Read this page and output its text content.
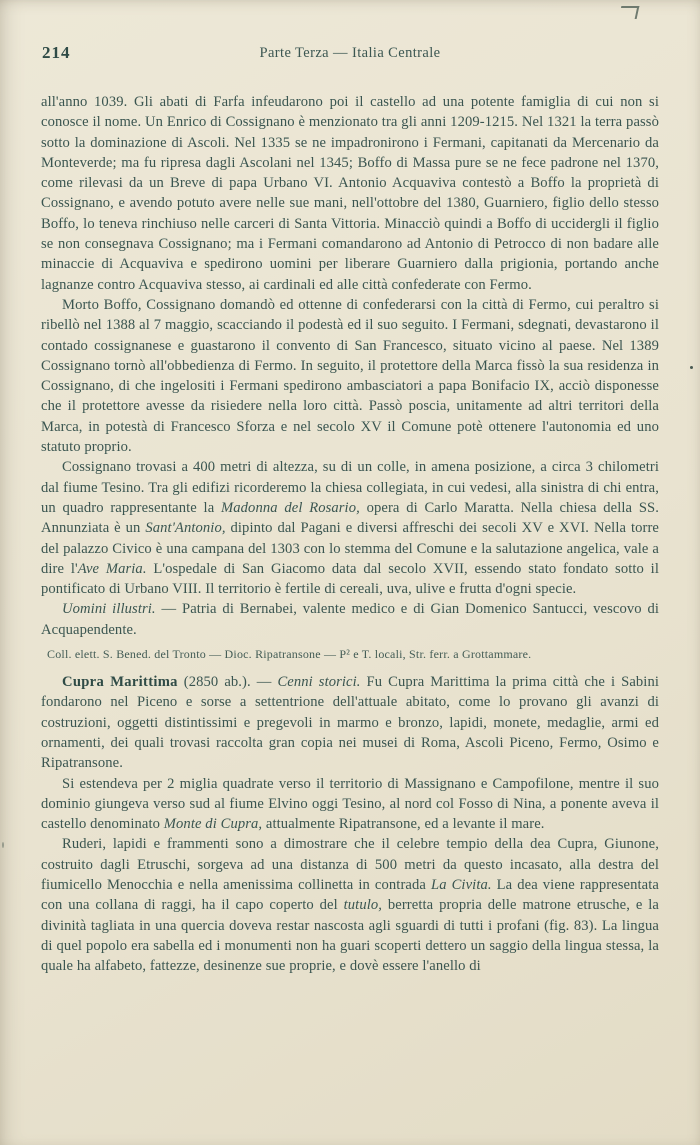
214	Parte Terza — Italia Centrale

all'anno 1039. Gli abati di Farfa infeudarono poi il castello ad una potente famiglia di cui non si conosce il nome. Un Enrico di Cossignano è menzionato tra gli anni 1209-1215. Nel 1321 la terra passò sotto la dominazione di Ascoli. Nel 1335 se ne impadronirono i Fermani, capitanati da Mercenario da Monteverde; ma fu ripresa dagli Ascolani nel 1345; Boffo di Massa pure se ne fece padrone nel 1370, come rilevasi da un Breve di papa Urbano VI. Antonio Acquaviva contestò a Boffo la proprietà di Cossignano, e avendo potuto avere nelle sue mani, nell'ottobre del 1380, Guarniero, figlio dello stesso Boffo, lo teneva rinchiuso nelle carceri di Santa Vittoria. Minacciò quindi a Boffo di uccidergli il figlio se non consegnava Cossignano; ma i Fermani comandarono ad Antonio di Petrocco di non badare alle minaccie di Acquaviva e spedirono uomini per liberare Guarniero dalla prigionia, portando anche lagnanze contro Acquaviva stesso, ai cardinali ed alle città confederate con Fermo.

Morto Boffo, Cossignano domandò ed ottenne di confederarsi con la città di Fermo, cui peraltro si ribellò nel 1388 al 7 maggio, scacciando il podestà ed il suo seguito. I Fermani, sdegnati, devastarono il contado cossignanese e guastarono il convento di San Francesco, situato vicino al paese. Nel 1389 Cossignano tornò all'obbedienza di Fermo. In seguito, il protettore della Marca fissò la sua residenza in Cossignano, di che ingelositi i Fermani spedirono ambasciatori a papa Bonifacio IX, acciò disponesse che il protettore avesse da risiedere nella loro città. Passò poscia, unitamente ad altri territori della Marca, in potestà di Francesco Sforza e nel secolo XV il Comune potè ottenere l'autonomia ed uno statuto proprio.

Cossignano trovasi a 400 metri di altezza, su di un colle, in amena posizione, a circa 3 chilometri dal fiume Tesino. Tra gli edifizi ricorderemo la chiesa collegiata, in cui vedesi, alla sinistra di chi entra, un quadro rappresentante la Madonna del Rosario, opera di Carlo Maratta. Nella chiesa della SS. Annunziata è un Sant'Antonio, dipinto dal Pagani e diversi affreschi dei secoli XV e XVI. Nella torre del palazzo Civico è una campana del 1303 con lo stemma del Comune e la salutazione angelica, vale a dire l'Ave Maria. L'ospedale di San Giacomo data dal secolo XVII, essendo stato fondato sotto il pontificato di Urbano VIII. Il territorio è fertile di cereali, uva, ulive e frutta d'ogni specie.

Uomini illustri. — Patria di Bernabei, valente medico e di Gian Domenico Santucci, vescovo di Acquapendente.

Coll. elett. S. Bened. del Tronto — Dioc. Ripatransone — P² e T. locali, Str. ferr. a Grottammare.

Cupra Marittima (2850 ab.). — Cenni storici. Fu Cupra Marittima la prima città che i Sabini fondarono nel Piceno e sorse a settentrione dell'attuale abitato, come lo provano gli avanzi di costruzioni, oggetti distintissimi e pregevoli in marmo e bronzo, lapidi, monete, medaglie, armi ed ornamenti, dei quali trovasi raccolta gran copia nei musei di Roma, Ascoli Piceno, Fermo, Osimo e Ripatransone.

Si estendeva per 2 miglia quadrate verso il territorio di Massignano e Campofilone, mentre il suo dominio giungeva verso sud al fiume Elvino oggi Tesino, al nord col Fosso di Nina, a ponente aveva il castello denominato Monte di Cupra, attualmente Ripatransone, ed a levante il mare.

Ruderi, lapidi e frammenti sono a dimostrare che il celebre tempio della dea Cupra, Giunone, costruito dagli Etruschi, sorgeva ad una distanza di 500 metri da questo incasato, alla destra del fiumicello Menocchia e nella amenissima collinetta in contrada La Civita. La dea viene rappresentata con una collana di raggi, ha il capo coperto del tutulo, berretta propria delle matrone etrusche, e la divinità tagliata in una quercia doveva restar nascosta agli sguardi di tutti i profani (fig. 83). La lingua di quel popolo era sabella ed i monumenti non ha guari scoperti dettero un saggio della lingua stessa, la quale ha alfabeto, fattezze, desinenze sue proprie, e dovè essere l'anello di
